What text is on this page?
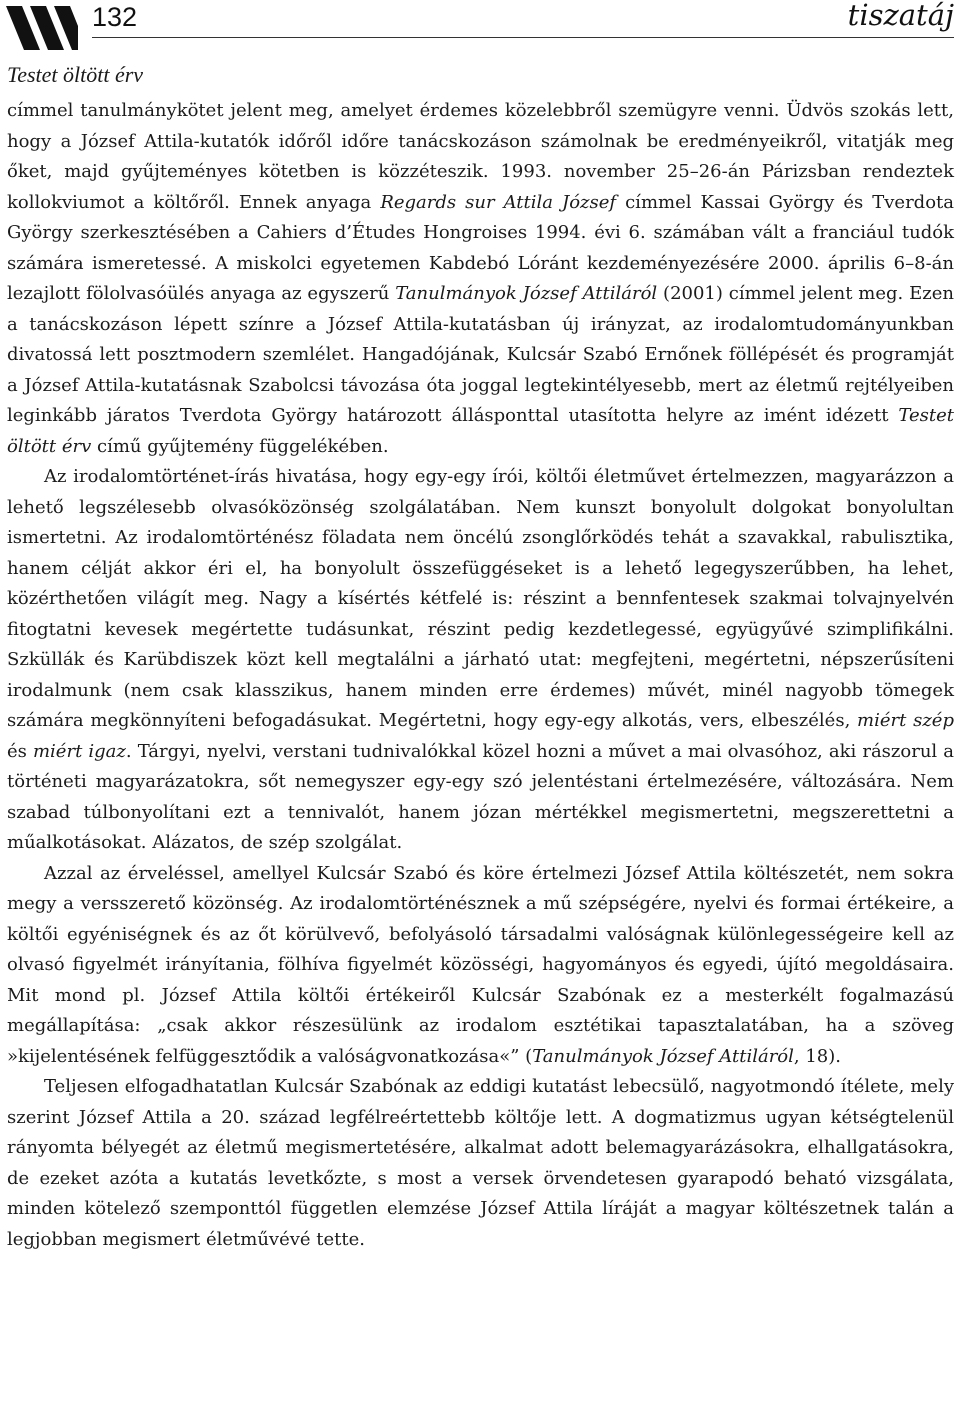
132	tiszatáj
Testet öltött érv

címmel tanulmánykötet jelent meg, amelyet érdemes közelebbről szemügyre venni. Üdvös szokás lett, hogy a József Attila-kutatók időről időre tanácskozáson számolnak be eredményeikről, vitatják meg őket, majd gyűjteményes kötetben is közzéteszik. 1993. november 25–26-án Párizsban rendeztek kollokviumot a költőről. Ennek anyaga Regards sur Attila József címmel Kassai György és Tverdota György szerkesztésében a Cahiers d’Études Hongroises 1994. évi 6. számában vált a franciául tudók számára ismeretessé. A miskolci egyetemen Kabdebó Lóránt kezdeményezésére 2000. április 6–8-án lezajlott fölolvasóülés anyaga az egyszerű Tanulmányok József Attiláról (2001) címmel jelent meg. Ezen a tanácskozáson lépett színre a József Attila-kutatásban új irányzat, az irodalomtudományunkban divatossá lett posztmodern szemlélet. Hangadójának, Kulcsár Szabó Ernőnek föllépését és programját a József Attila-kutatásnak Szabolcsi távozása óta joggal legtekintélyesebb, mert az életmű rejtélyeiben leginkább járatos Tverdota György határozott állásponttal utasította helyre az imént idézett Testet öltött érv című gyűjtemény függelékében.

Az irodalomtörténet-írás hivatása, hogy egy-egy írói, költői életművet értelmezzen, magyarázzon a lehető legszélesebb olvasóközönség szolgálatában. Nem kunszt bonyolult dolgokat bonyolultan ismertetni. Az irodalomtörténész föladata nem öncélú zsonglőrködés tehát a szavakkal, rabulisztika, hanem célját akkor éri el, ha bonyolult összefüggéseket is a lehető legegyszerűbben, ha lehet, közérthetően világít meg. Nagy a kísértés kétfelé is: részint a bennfentesek szakmai tolvajnyelvén fitogtatni kevesek megértette tudásunkat, részint pedig kezdetlegessé, együgyűvé szimplifikálni. Szküllák és Karübdiszek közt kell megtalálni a járható utat: megfejteni, megértetni, népszerűsíteni irodalmunk (nem csak klasszikus, hanem minden erre érdemes) művét, minél nagyobb tömegek számára megkönnyíteni befogadásukat. Megértetni, hogy egy-egy alkotás, vers, elbeszélés, miért szép és miért igaz. Tárgyi, nyelvi, verstani tudnivalókkal közel hozni a művet a mai olvasóhoz, aki rászorul a történeti magyarázatokra, sőt nemegyszer egy-egy szó jelentéstani értelmezésére, változására. Nem szabad túlbonyolítani ezt a tennivalót, hanem józan mértékkel megismertetni, megszerettetni a műalkotásokat. Alázatos, de szép szolgálat.

Azzal az érveléssel, amellyel Kulcsár Szabó és köre értelmezi József Attila költészetét, nem sokra megy a versszerető közönség. Az irodalomtörténésznek a mű szépségére, nyelvi és formai értékeire, a költői egyéniségnek és az őt körülvevő, befolyásoló társadalmi valóságnak különlegességeire kell az olvasó figyelmét irányítania, fölhíva figyelmét közösségi, hagyományos és egyedi, újító megoldásaira. Mit mond pl. József Attila költői értékeiről Kulcsár Szabónak ez a mesterkélt fogalmazású megállapítása: „csak akkor részesülünk az irodalom esztétikai tapasztalatában, ha a szöveg »kijelentésének felfüggesztődik a valóságvonatkozása«” (Tanulmányok József Attiláról, 18).

Teljesen elfogadhatatlan Kulcsár Szabónak az eddigi kutatást lebecsülő, nagyotmondó ítélete, mely szerint József Attila a 20. század legfélreértettebb költője lett. A dogmatizmus ugyan kétségtelenül rányomta bélyegét az életmű megismertetésére, alkalmat adott belemagyarázásokra, elhallgatásokra, de ezeket azóta a kutatás levetkőzte, s most a versek örvendetesen gyarapodó beható vizsgálata, minden kötelező szemponttól független elemzése József Attila líráját a magyar költészetnek talán a legjobban megismert életművévé tette.
